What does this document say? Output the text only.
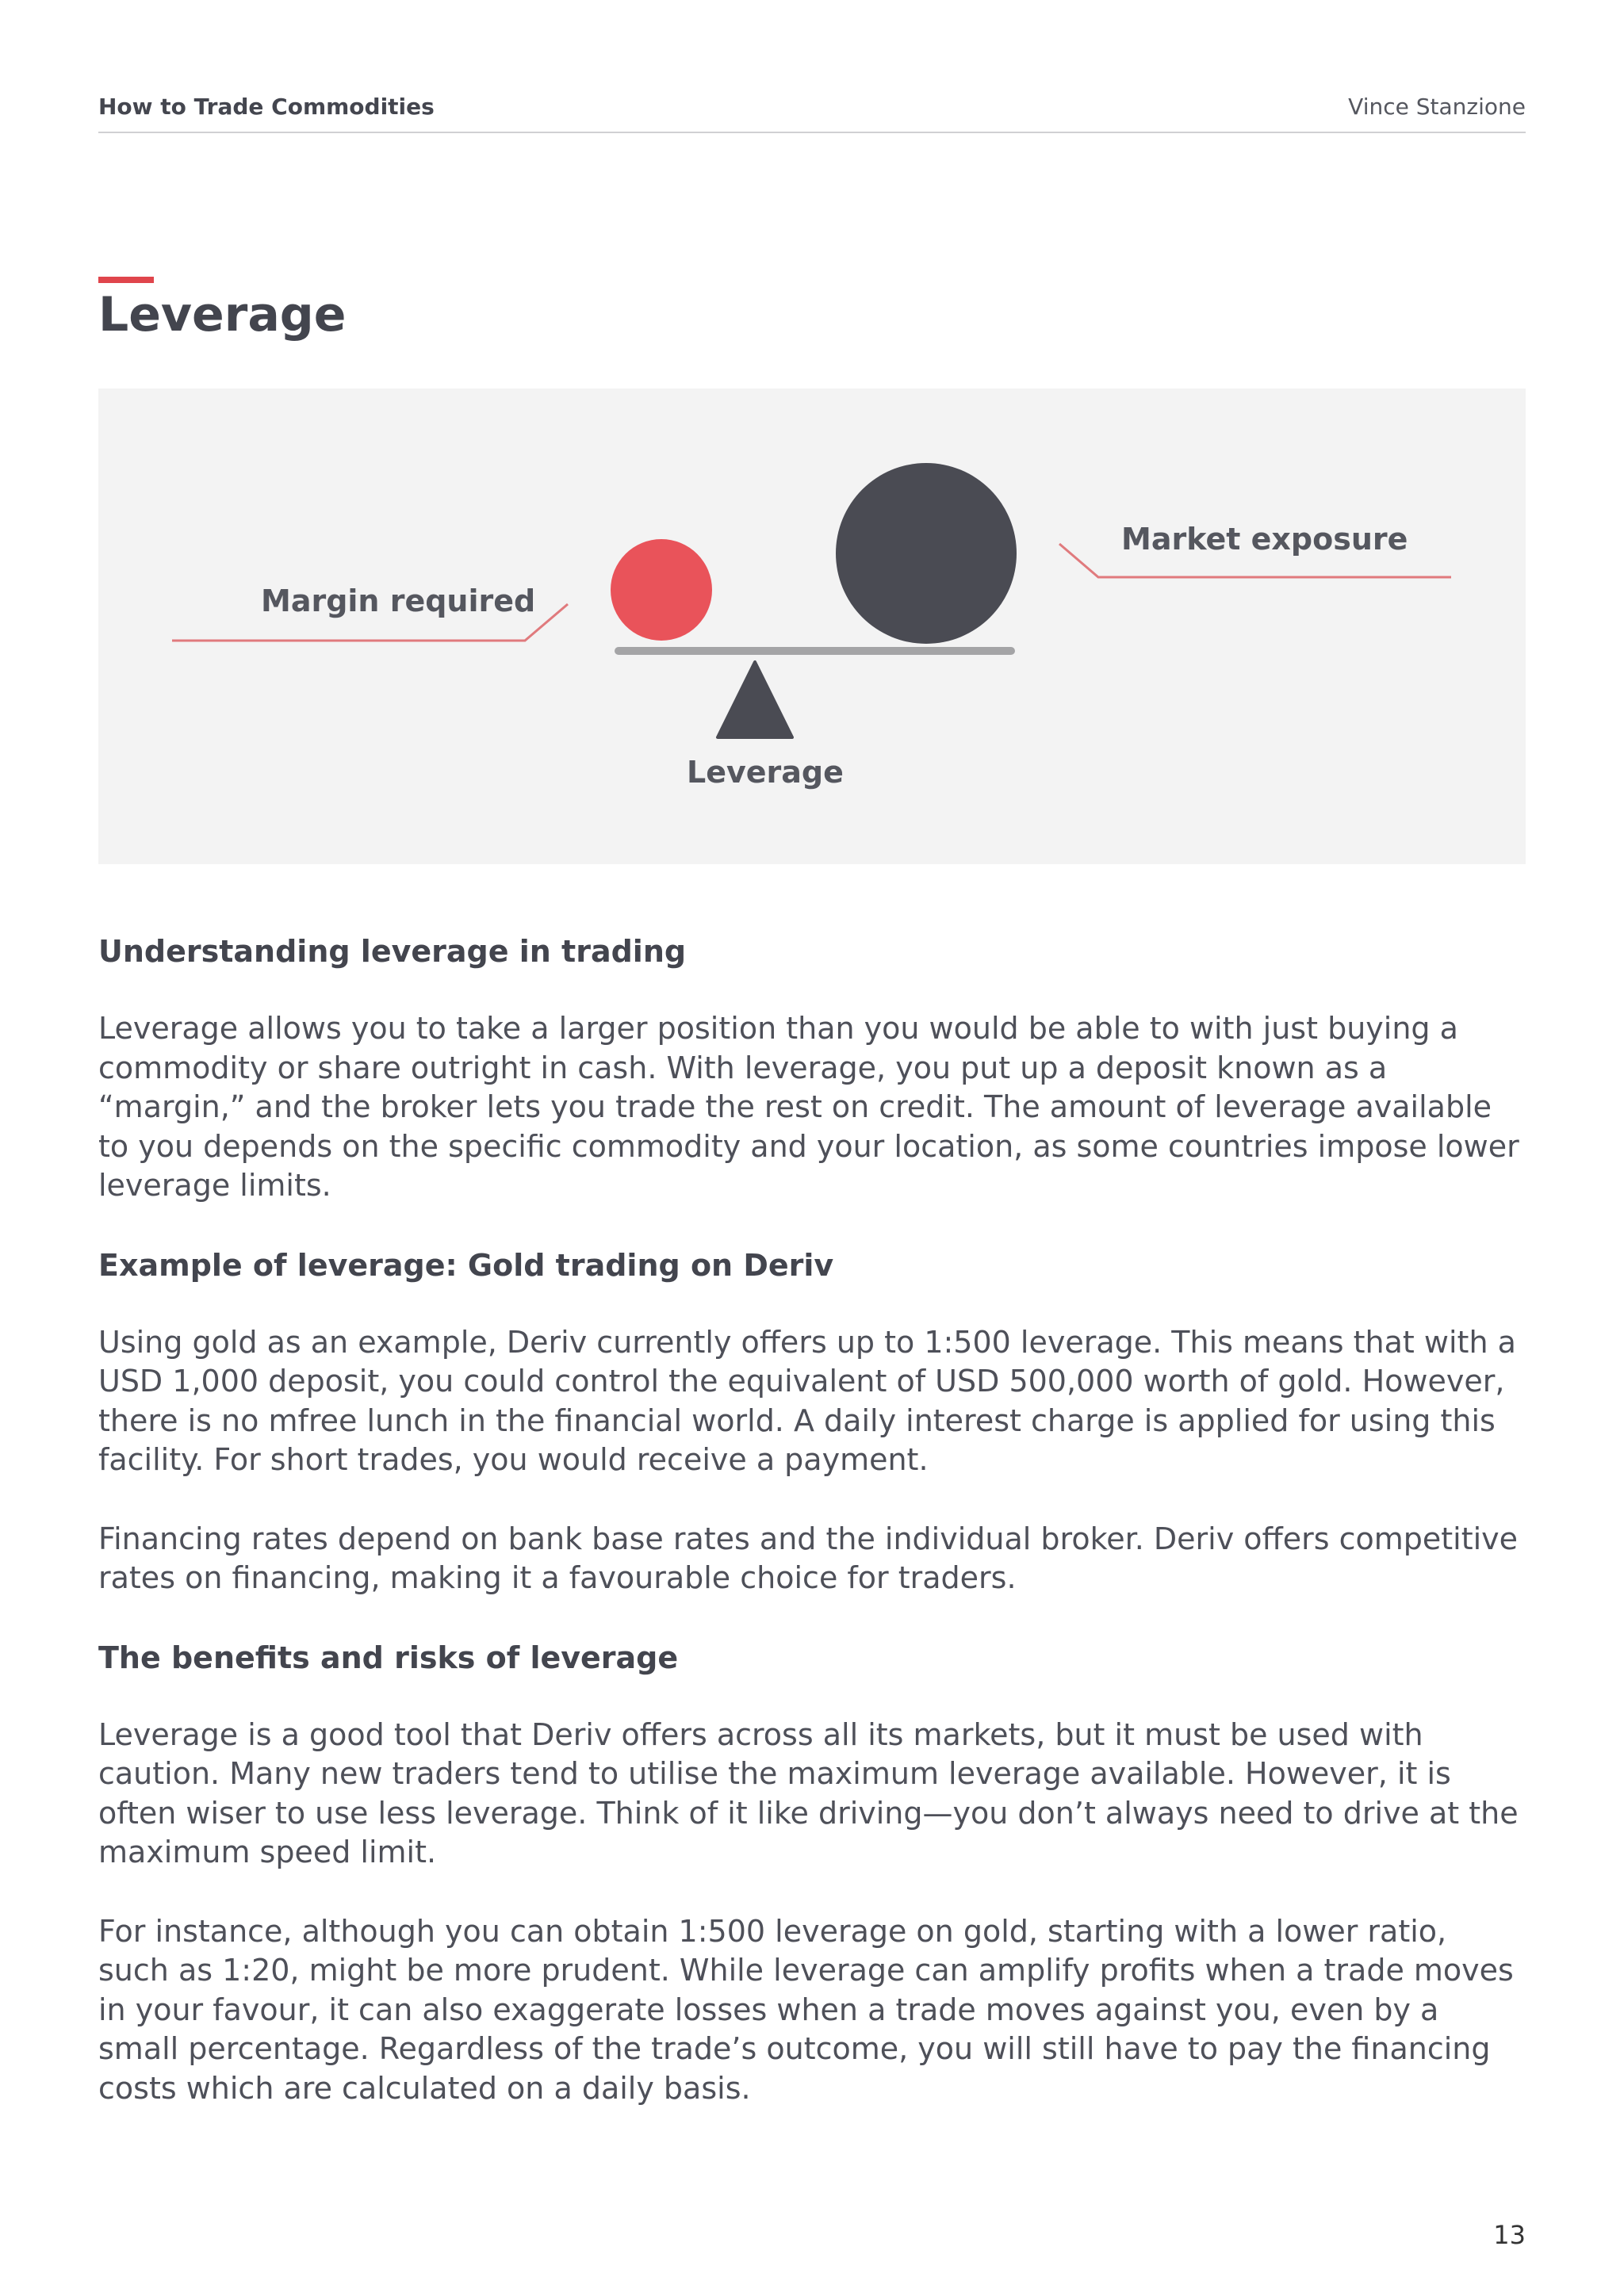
How to Trade Commodities	Vince Stanzione
Leverage
Margin required
Market exposure
Leverage
Understanding leverage in trading

Leverage allows you to take a larger position than you would be able to with just buying a commodity or share outright in cash. With leverage, you put up a deposit known as a “margin,” and the broker lets you trade the rest on credit. The amount of leverage available to you depends on the specific commodity and your location, as some countries impose lower leverage limits.

Example of leverage: Gold trading on Deriv

Using gold as an example, Deriv currently offers up to 1:500 leverage. This means that with a USD 1,000 deposit, you could control the equivalent of USD 500,000 worth of gold. However, there is no mfree lunch in the financial world. A daily interest charge is applied for using this facility. For short trades, you would receive a payment.

Financing rates depend on bank base rates and the individual broker. Deriv offers competitive rates on financing, making it a favourable choice for traders.

The benefits and risks of leverage

Leverage is a good tool that Deriv offers across all its markets, but it must be used with caution. Many new traders tend to utilise the maximum leverage available. However, it is often wiser to use less leverage. Think of it like driving—you don’t always need to drive at the maximum speed limit.

For instance, although you can obtain 1:500 leverage on gold, starting with a lower ratio, such as 1:20, might be more prudent. While leverage can amplify profits when a trade moves in your favour, it can also exaggerate losses when a trade moves against you, even by a small percentage. Regardless of the trade’s outcome, you will still have to pay the financing costs which are calculated on a daily basis.

13
